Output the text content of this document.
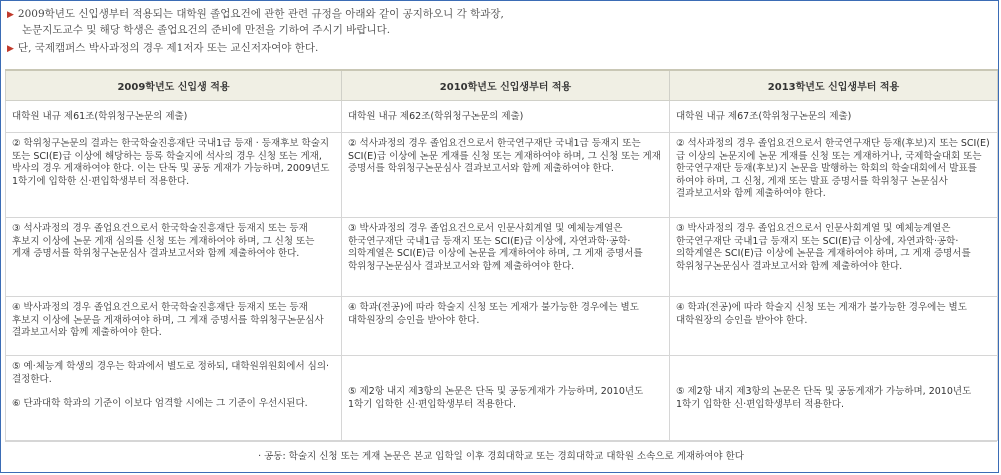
▶ 2009학년도 신입생부터 적용되는 대학원 졸업요건에 관한 관련 규정을 아래와 같이 공지하오니 각 학과장,
논문지도교수 및 해당 학생은 졸업요건의 준비에 만전을 기하여 주시기 바랍니다.
▶ 단, 국제캠퍼스 박사과정의 경우 제1저자 또는 교신저자여야 한다.
2009학년도 신입생 적용	2010학년도 신입생부터 적용	2013학년도 신입생부터 적용
대학원 내규 제61조(학위청구논문의 제출)	대학원 내규 제62조(학위청구논문의 제출)	대학원 내규 제67조(학위청구논문의 제출)
② 학위청구논문의 결과는 한국학술진흥재단 국내1급 등재 · 등재후보 학술지 또는 SCI(E)급 이상에 해당하는 등록 학술지에 석사의 경우 신청 또는 게재, 박사의 경우 게재하여야 한다. 이는 단독 및 공동 게재가 가능하며, 2009년도 1학기에 입학한 신·편입학생부터 적용한다.	② 석사과정의 경우 졸업요건으로서 한국연구재단 국내1급 등재지 또는 SCI(E)급 이상에 논문 게재를 신청 또는 게재하여야 하며, 그 신청 또는 게재 증명서를 학위청구논문심사 결과보고서와 함께 제출하여야 한다.	② 석사과정의 경우 졸업요건으로서 한국연구재단 등재(후보)지 또는 SCI(E)급 이상의 논문지에 논문 게재를 신청 또는 게재하거나, 국제학술대회 또는 한국연구재단 등재(후보)지 논문을 발행하는 학회의 학술대회에서 발표를 하여야 하며, 그 신청, 게재 또는 발표 증명서를 학위청구 논문심사 결과보고서와 함께 제출하여야 한다.
③ 석사과정의 경우 졸업요건으로서 한국학술진흥재단 등재지 또는 등재 후보지 이상에 논문 게재 심의를 신청 또는 게재하여야 하며, 그 신청 또는 게재 증명서를 학위청구논문심사 결과보고서와 함께 제출하여야 한다.	③ 박사과정의 경우 졸업요건으로서 인문사회계열 및 예체능계열은 한국연구재단 국내1급 등재지 또는 SCI(E)급 이상에, 자연과학·공학·의학계열은 SCI(E)급 이상에 논문을 게재하여야 하며, 그 게재 증명서를 학위청구논문심사 결과보고서와 함께 제출하여야 한다.	③ 박사과정의 경우 졸업요건으로서 인문사회계열 및 예체능계열은 한국연구재단 국내1급 등재지 또는 SCI(E)급 이상에, 자연과학·공학·의학계열은 SCI(E)급 이상에 논문을 게재하여야 하며, 그 게재 증명서를 학위청구논문심사 결과보고서와 함께 제출하여야 한다.
④ 박사과정의 경우 졸업요건으로서 한국학술진흥재단 등재지 또는 등재 후보지 이상에 논문을 게재하여야 하며, 그 게재 증명서를 학위청구논문심사 결과보고서와 함께 제출하여야 한다.	④ 학과(전공)에 따라 학술지 신청 또는 게재가 불가능한 경우에는 별도 대학원장의 승인을 받아야 한다.	④ 학과(전공)에 따라 학술지 신청 또는 게재가 불가능한 경우에는 별도 대학원장의 승인을 받아야 한다.

⑤ 예·체능계 학생의 경우는 학과에서 별도로 정하되, 대학원위원회에서 심의·결정한다.

⑥ 단과대학 학과의 기준이 이보다 엄격할 시에는 그 기준이 우선시된다.	⑤ 제2항 내지 제3항의 논문은 단독 및 공동게재가 가능하며, 2010년도 1학기 입학한 신·편입학생부터 적용한다.	⑤ 제2항 내지 제3항의 논문은 단독 및 공동게재가 가능하며, 2010년도 1학기 입학한 신·편입학생부터 적용한다.
· 공동: 학술지 신청 또는 게재 논문은 본교 입학일 이후 경희대학교 또는 경희대학교 대학원 소속으로 게재하여야 한다
